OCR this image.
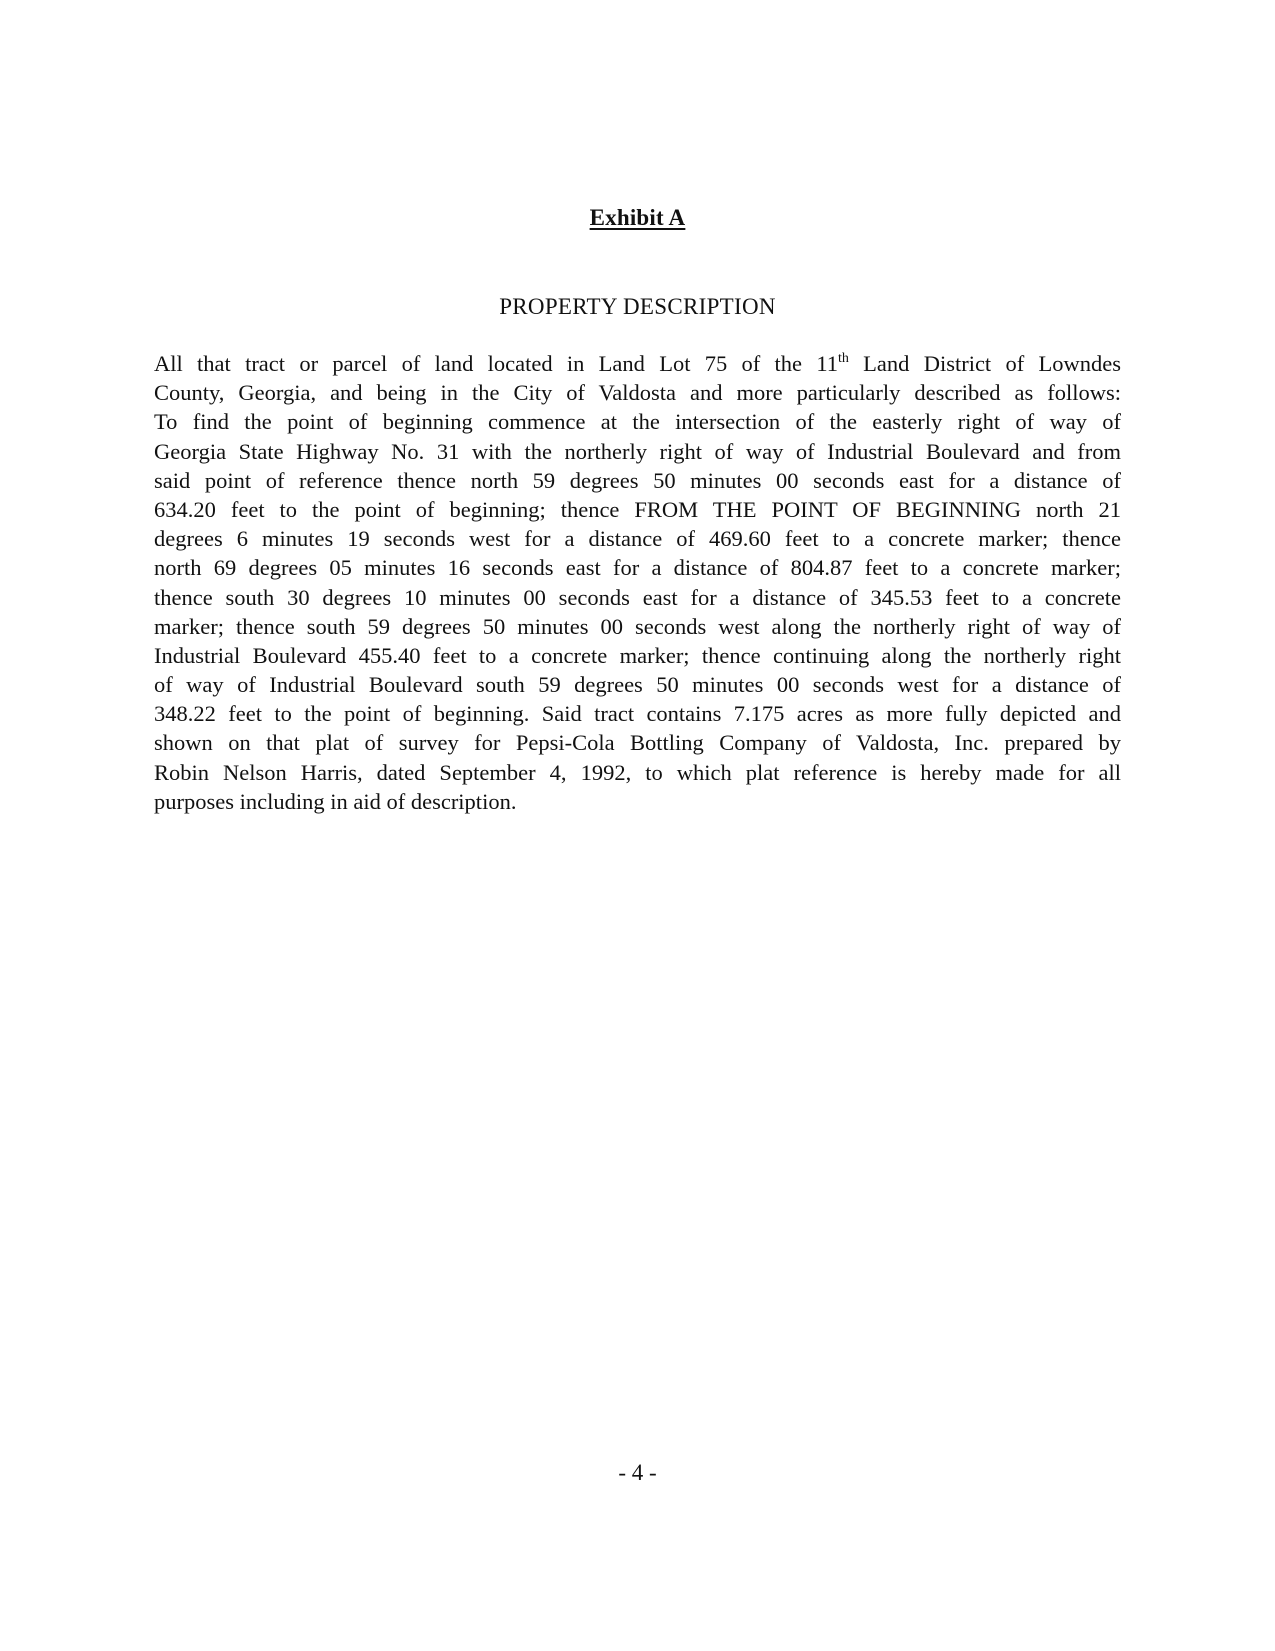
Exhibit A
PROPERTY DESCRIPTION
All that tract or parcel of land located in Land Lot 75 of the 11th Land District of Lowndes
County, Georgia, and being in the City of Valdosta and more particularly described as follows:
To find the point of beginning commence at the intersection of the easterly right of way of
Georgia State Highway No. 31 with the northerly right of way of Industrial Boulevard and from
said point of reference thence north 59 degrees 50 minutes 00 seconds east for a distance of
634.20 feet to the point of beginning; thence FROM THE POINT OF BEGINNING north 21
degrees 6 minutes 19 seconds west for a distance of 469.60 feet to a concrete marker; thence
north 69 degrees 05 minutes 16 seconds east for a distance of 804.87 feet to a concrete marker;
thence south 30 degrees 10 minutes 00 seconds east for a distance of 345.53 feet to a concrete
marker; thence south 59 degrees 50 minutes 00 seconds west along the northerly right of way of
Industrial Boulevard 455.40 feet to a concrete marker; thence continuing along the northerly right
of way of Industrial Boulevard south 59 degrees 50 minutes 00 seconds west for a distance of
348.22 feet to the point of beginning. Said tract contains 7.175 acres as more fully depicted and
shown on that plat of survey for Pepsi-Cola Bottling Company of Valdosta, Inc. prepared by
Robin Nelson Harris, dated September 4, 1992, to which plat reference is hereby made for all
purposes including in aid of description.
- 4 -
